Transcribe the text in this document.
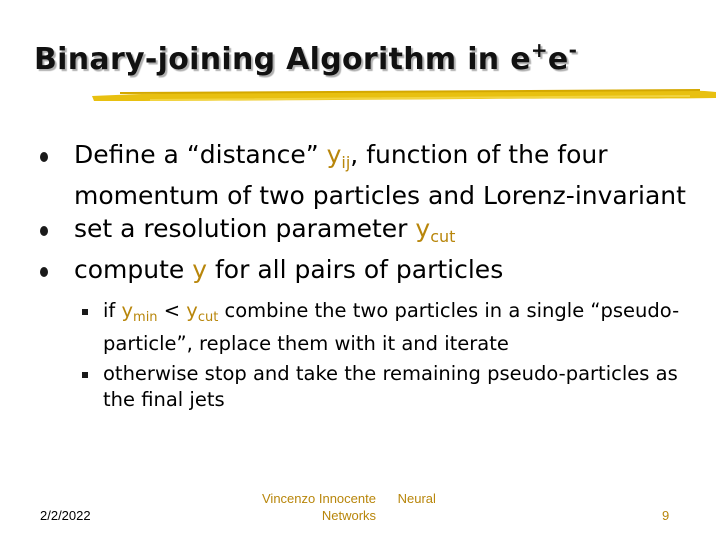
Binary-joining Algorithm in e+e-
Define a “distance” $y_{ij}$, function of the four momentum of two particles and Lorenz-invariant
set a resolution parameter $y_{cut}$
compute y for all pairs of particles
if $y_{min} < y_{cut}$ combine the two particles in a single “pseudo-particle”, replace them with it and iterate
otherwise stop and take the remaining pseudo-particles as the final jets
2/2/2022
Vincenzo Innocente      Neural
Networks	9
